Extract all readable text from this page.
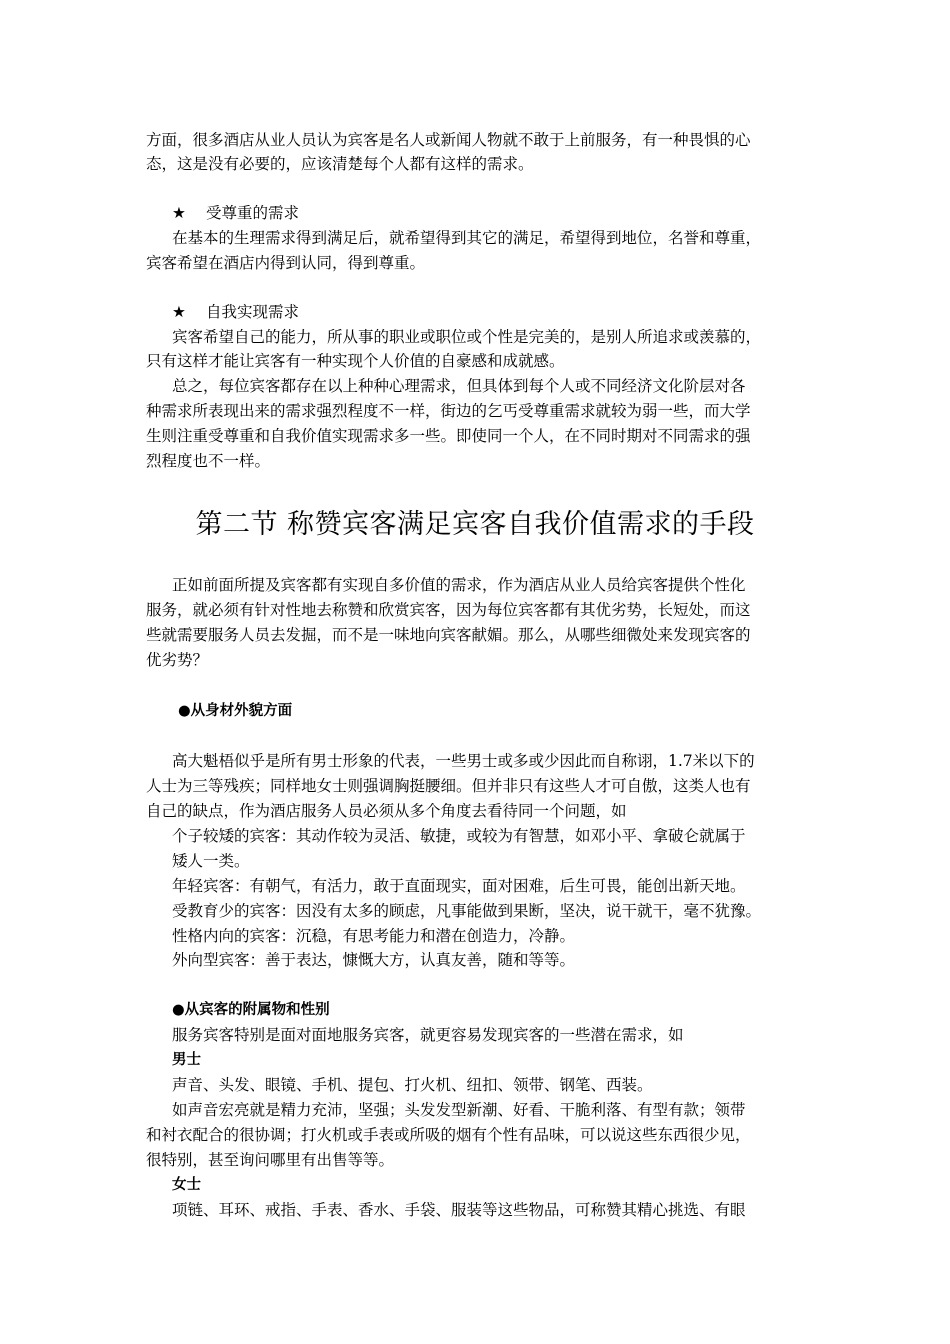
方面，很多酒店从业人员认为宾客是名人或新闻人物就不敢于上前服务，有一种畏惧的心
态，这是没有必要的，应该清楚每个人都有这样的需求。
★ 受尊重的需求
在基本的生理需求得到满足后，就希望得到其它的满足，希望得到地位，名誉和尊重，
宾客希望在酒店内得到认同，得到尊重。
★ 自我实现需求
宾客希望自己的能力，所从事的职业或职位或个性是完美的，是别人所追求或羡慕的，
只有这样才能让宾客有一种实现个人价值的自豪感和成就感。
总之，每位宾客都存在以上种种心理需求，但具体到每个人或不同经济文化阶层对各
种需求所表现出来的需求强烈程度不一样，街边的乞丐受尊重需求就较为弱一些，而大学
生则注重受尊重和自我价值实现需求多一些。即使同一个人，在不同时期对不同需求的强
烈程度也不一样。
第二节 称赞宾客满足宾客自我价值需求的手段
正如前面所提及宾客都有实现自多价值的需求，作为酒店从业人员给宾客提供个性化
服务，就必须有针对性地去称赞和欣赏宾客，因为每位宾客都有其优劣势，长短处，而这
些就需要服务人员去发掘，而不是一味地向宾客献媚。那么，从哪些细微处来发现宾客的
优劣势？
●从身材外貌方面
高大魁梧似乎是所有男士形象的代表，一些男士或多或少因此而自称诩，1.7米以下的
人士为三等残疾；同样地女士则强调胸挺腰细。但并非只有这些人才可自傲，这类人也有
自己的缺点，作为酒店服务人员必须从多个角度去看待同一个问题，如
个子较矮的宾客：其动作较为灵活、敏捷，或较为有智慧，如邓小平、拿破仑就属于
矮人一类。
年轻宾客：有朝气，有活力，敢于直面现实，面对困难，后生可畏，能创出新天地。
受教育少的宾客：因没有太多的顾虑，凡事能做到果断，坚决，说干就干，毫不犹豫。
性格内向的宾客：沉稳，有思考能力和潜在创造力，冷静。
外向型宾客：善于表达，慷慨大方，认真友善，随和等等。
●从宾客的附属物和性别
服务宾客特别是面对面地服务宾客，就更容易发现宾客的一些潜在需求，如
男士
声音、头发、眼镜、手机、提包、打火机、纽扣、领带、钢笔、西装。
如声音宏亮就是精力充沛，坚强；头发发型新潮、好看、干脆利落、有型有款；领带
和衬衣配合的很协调；打火机或手表或所吸的烟有个性有品味，可以说这些东西很少见，
很特别，甚至询问哪里有出售等等。
女士
项链、耳环、戒指、手表、香水、手袋、服装等这些物品，可称赞其精心挑选、有眼
